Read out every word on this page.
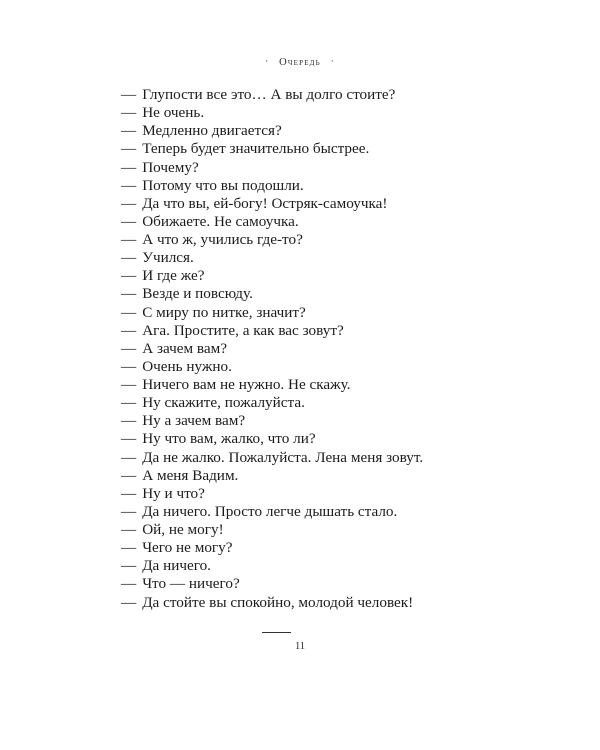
· Очередь ·
— Глупости все это… А вы долго стоите?
— Не очень.
— Медленно двигается?
— Теперь будет значительно быстрее.
— Почему?
— Потому что вы подошли.
— Да что вы, ей-богу! Остряк-самоучка!
— Обижаете. Не самоучка.
— А что ж, учились где-то?
— Учился.
— И где же?
— Везде и повсюду.
— С миру по нитке, значит?
— Ага. Простите, а как вас зовут?
— А зачем вам?
— Очень нужно.
— Ничего вам не нужно. Не скажу.
— Ну скажите, пожалуйста.
— Ну а зачем вам?
— Ну что вам, жалко, что ли?
— Да не жалко. Пожалуйста. Лена меня зовут.
— А меня Вадим.
— Ну и что?
— Да ничего. Просто легче дышать стало.
— Ой, не могу!
— Чего не могу?
— Да ничего.
— Что — ничего?
— Да стойте вы спокойно, молодой человек!
11
